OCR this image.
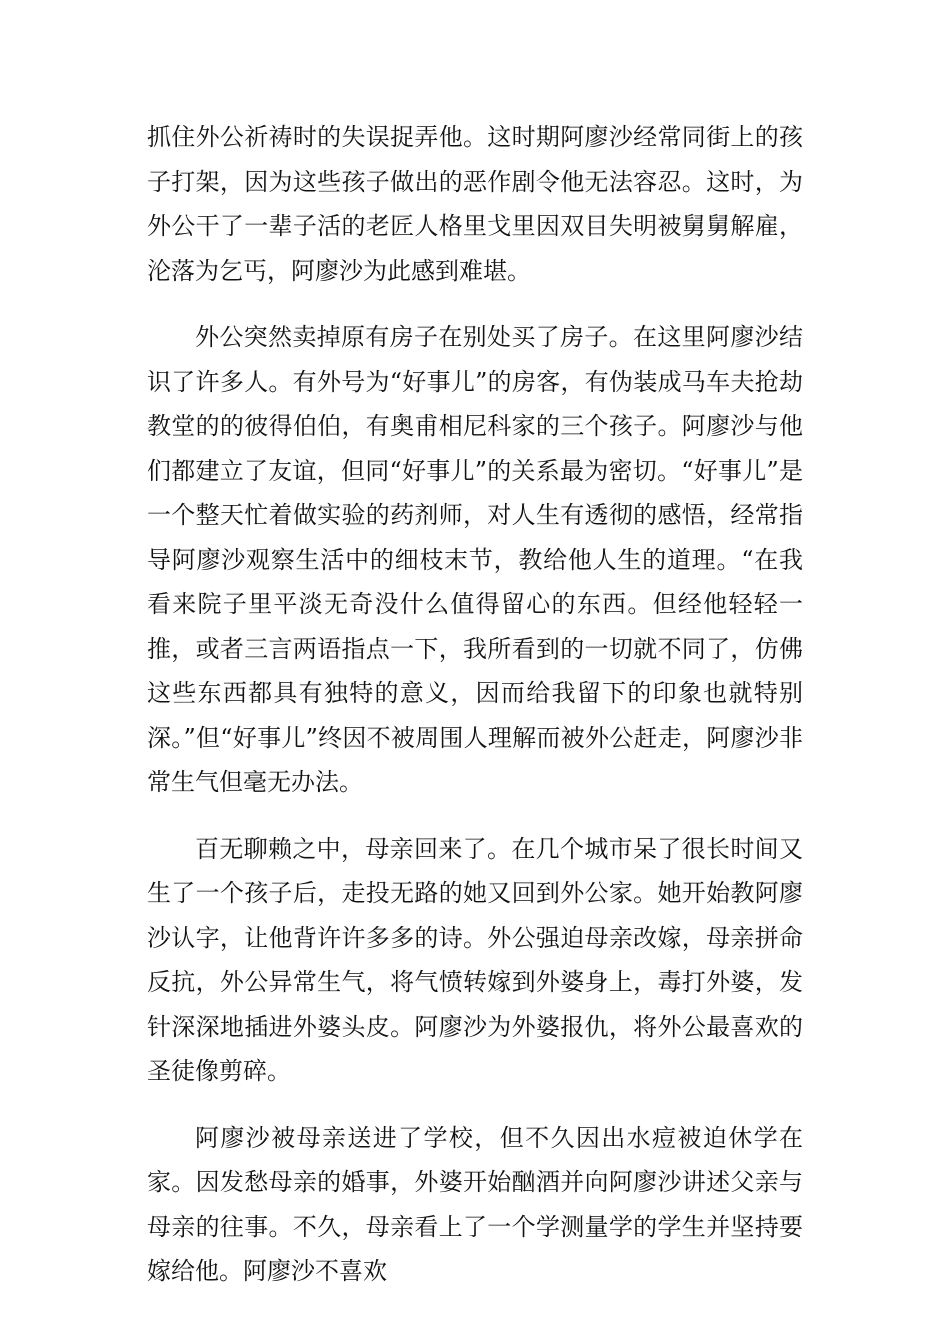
抓住外公祈祷时的失误捉弄他。这时期阿廖沙经常同街上的孩子打架，因为这些孩子做出的恶作剧令他无法容忍。这时，为外公干了一辈子活的老匠人格里戈里因双目失明被舅舅解雇，沦落为乞丐，阿廖沙为此感到难堪。

外公突然卖掉原有房子在别处买了房子。在这里阿廖沙结识了许多人。有外号为“好事儿”的房客，有伪装成马车夫抢劫教堂的的彼得伯伯，有奥甫相尼科家的三个孩子。阿廖沙与他们都建立了友谊，但同“好事儿”的关系最为密切。“好事儿”是一个整天忙着做实验的药剂师，对人生有透彻的感悟，经常指导阿廖沙观察生活中的细枝末节，教给他人生的道理。“在我看来院子里平淡无奇没什么值得留心的东西。但经他轻轻一推，或者三言两语指点一下，我所看到的一切就不同了，仿佛这些东西都具有独特的意义，因而给我留下的印象也就特别深。”但“好事儿”终因不被周围人理解而被外公赶走，阿廖沙非常生气但毫无办法。

百无聊赖之中，母亲回来了。在几个城市呆了很长时间又生了一个孩子后，走投无路的她又回到外公家。她开始教阿廖沙认字，让他背许许多多的诗。外公强迫母亲改嫁，母亲拼命反抗，外公异常生气，将气愤转嫁到外婆身上，毒打外婆，发针深深地插进外婆头皮。阿廖沙为外婆报仇，将外公最喜欢的圣徒像剪碎。

阿廖沙被母亲送进了学校，但不久因出水痘被迫休学在家。因发愁母亲的婚事，外婆开始酗酒并向阿廖沙讲述父亲与母亲的往事。不久，母亲看上了一个学测量学的学生并坚持要嫁给他。阿廖沙不喜欢
